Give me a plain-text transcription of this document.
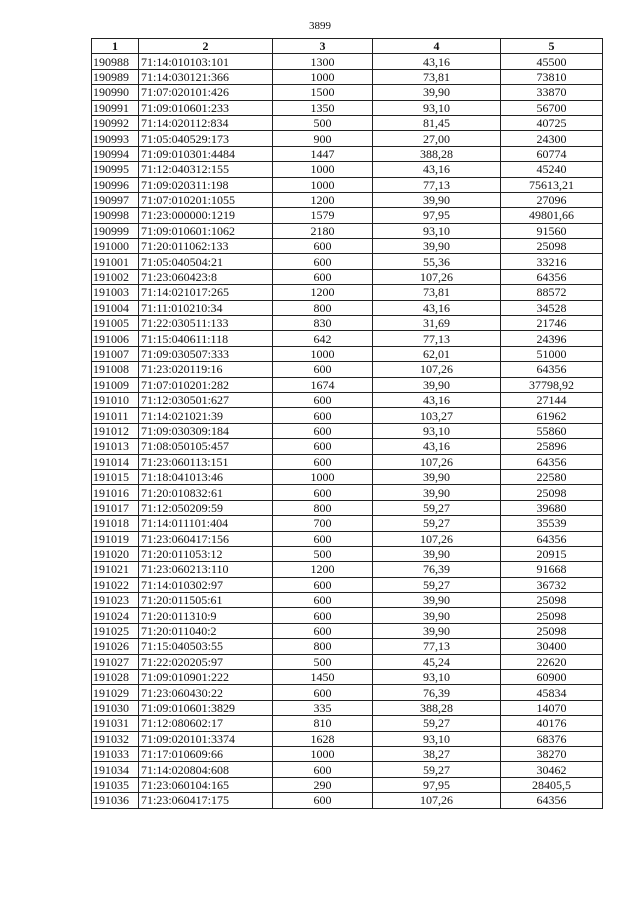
3899
1	2	3	4	5
190988	71:14:010103:101	1300	43,16	45500
190989	71:14:030121:366	1000	73,81	73810
190990	71:07:020101:426	1500	39,90	33870
190991	71:09:010601:233	1350	93,10	56700
190992	71:14:020112:834	500	81,45	40725
190993	71:05:040529:173	900	27,00	24300
190994	71:09:010301:4484	1447	388,28	60774
190995	71:12:040312:155	1000	43,16	45240
190996	71:09:020311:198	1000	77,13	75613,21
190997	71:07:010201:1055	1200	39,90	27096
190998	71:23:000000:1219	1579	97,95	49801,66
190999	71:09:010601:1062	2180	93,10	91560
191000	71:20:011062:133	600	39,90	25098
191001	71:05:040504:21	600	55,36	33216
191002	71:23:060423:8	600	107,26	64356
191003	71:14:021017:265	1200	73,81	88572
191004	71:11:010210:34	800	43,16	34528
191005	71:22:030511:133	830	31,69	21746
191006	71:15:040611:118	642	77,13	24396
191007	71:09:030507:333	1000	62,01	51000
191008	71:23:020119:16	600	107,26	64356
191009	71:07:010201:282	1674	39,90	37798,92
191010	71:12:030501:627	600	43,16	27144
191011	71:14:021021:39	600	103,27	61962
191012	71:09:030309:184	600	93,10	55860
191013	71:08:050105:457	600	43,16	25896
191014	71:23:060113:151	600	107,26	64356
191015	71:18:041013:46	1000	39,90	22580
191016	71:20:010832:61	600	39,90	25098
191017	71:12:050209:59	800	59,27	39680
191018	71:14:011101:404	700	59,27	35539
191019	71:23:060417:156	600	107,26	64356
191020	71:20:011053:12	500	39,90	20915
191021	71:23:060213:110	1200	76,39	91668
191022	71:14:010302:97	600	59,27	36732
191023	71:20:011505:61	600	39,90	25098
191024	71:20:011310:9	600	39,90	25098
191025	71:20:011040:2	600	39,90	25098
191026	71:15:040503:55	800	77,13	30400
191027	71:22:020205:97	500	45,24	22620
191028	71:09:010901:222	1450	93,10	60900
191029	71:23:060430:22	600	76,39	45834
191030	71:09:010601:3829	335	388,28	14070
191031	71:12:080602:17	810	59,27	40176
191032	71:09:020101:3374	1628	93,10	68376
191033	71:17:010609:66	1000	38,27	38270
191034	71:14:020804:608	600	59,27	30462
191035	71:23:060104:165	290	97,95	28405,5
191036	71:23:060417:175	600	107,26	64356
